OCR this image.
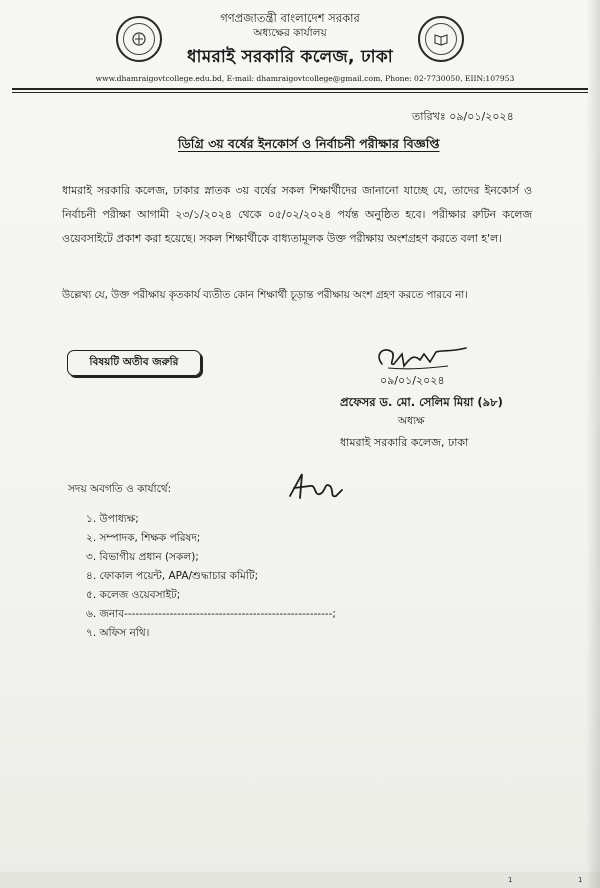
গণপ্রজাতন্ত্রী বাংলাদেশ সরকার
অধ্যক্ষের কার্যালয়
ধামরাই সরকারি কলেজ, ঢাকা
www.dhamraigovtcollege.edu.bd, E-mail: dhamraigovtcollege@gmail.com, Phone: 02-7730050, EIIN:107953
তারিখঃ ০৯/০১/২০২৪
ডিগ্রি ৩য় বর্ষের ইনকোর্স ও নির্বাচনী পরীক্ষার বিজ্ঞপ্তি

ধামরাই সরকারি কলেজ, ঢাকার স্নাতক ৩য় বর্ষের সকল শিক্ষার্থীদের জানানো যাচ্ছে যে, তাদের ইনকোর্স ও নির্বাচনী পরীক্ষা আগামী ২৩/১/২০২৪ থেকে ০৫/০২/২০২৪ পর্যন্ত অনুষ্ঠিত হবে। পরীক্ষার রুটিন কলেজ ওয়েবসাইটে প্রকাশ করা হয়েছে। সকল শিক্ষার্থীকে বাধ্যতামূলক উক্ত পরীক্ষায় অংশগ্রহণ করতে বলা হ'ল।

উল্লেখ্য যে, উক্ত পরীক্ষায় কৃতকার্য ব্যতীত কোন শিক্ষার্থী চূড়ান্ত পরীক্ষায় অংশ গ্রহণ করতে পারবে না।
বিষয়টি অতীব জরুরি
০৯/০১/২০২৪
প্রফেসর ড. মো. সেলিম মিয়া (৯৮)
অধ্যক্ষ
ধামরাই সরকারি কলেজ, ঢাকা
সদয় অবগতি ও কার্যার্থে:
১. উপাধ্যক্ষ;
২. সম্পাদক, শিক্ষক পরিষদ;
৩. বিভাগীয় প্রধান (সকল);
৪. ফোকাল পয়েন্ট, APA/শুদ্ধাচার কমিটি;
৫. কলেজ ওয়েবসাইট;
৬. জনাব-------------------------------------------------------;
৭. অফিস নথি।
1	1
